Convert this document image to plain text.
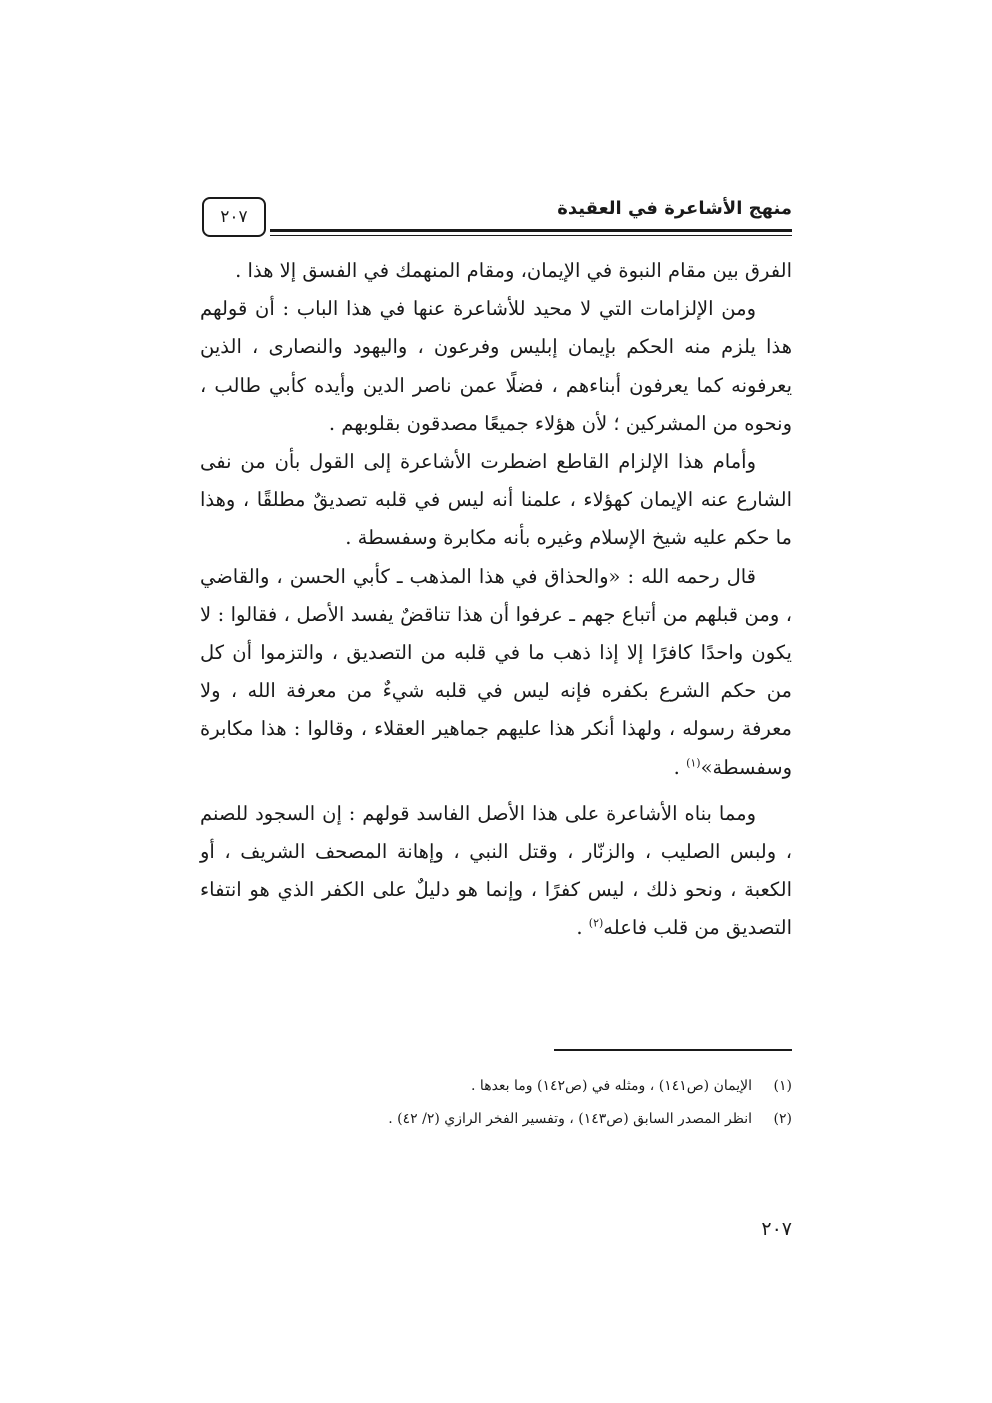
منهج الأشاعرة في العقيدة
٢٠٧

الفرق بين مقام النبوة في الإيمان، ومقام المنهمك في الفسق إلا هذا .

ومن الإلزامات التي لا محيد للأشاعرة عنها في هذا الباب : أن قولهم هذا يلزم منه الحكم بإيمان إبليس وفرعون ، واليهود والنصارى ، الذين يعرفونه كما يعرفون أبناءهم ، فضلًا عمن ناصر الدين وأيده كأبي طالب ، ونحوه من المشركين ؛ لأن هؤلاء جميعًا مصدقون بقلوبهم .

وأمام هذا الإلزام القاطع اضطرت الأشاعرة إلى القول بأن من نفى الشارع عنه الإيمان كهؤلاء ، علمنا أنه ليس في قلبه تصديقٌ مطلقًا ، وهذا ما حكم عليه شيخ الإسلام وغيره بأنه مكابرة وسفسطة .

قال رحمه الله : «والحذاق في هذا المذهب ـ كأبي الحسن ، والقاضي ، ومن قبلهم من أتباع جهم ـ عرفوا أن هذا تناقضٌ يفسد الأصل ، فقالوا : لا يكون واحدًا كافرًا إلا إذا ذهب ما في قلبه من التصديق ، والتزموا أن كل من حكم الشرع بكفره فإنه ليس في قلبه شيءٌ من معرفة الله ، ولا معرفة رسوله ، ولهذا أنكر هذا عليهم جماهير العقلاء ، وقالوا : هذا مكابرة وسفسطة»$^{(١)}$ .

ومما بناه الأشاعرة على هذا الأصل الفاسد قولهم : إن السجود للصنم ، ولبس الصليب ، والزنّار ، وقتل النبي ، وإهانة المصحف الشريف ، أو الكعبة ، ونحو ذلك ، ليس كفرًا ، وإنما هو دليلٌ على الكفر الذي هو انتفاء التصديق من قلب فاعله$^{(٢)}$ .

(١)
الإيمان (ص١٤١) ، ومثله في (ص١٤٢) وما بعدها .
(٢)
انظر المصدر السابق (ص١٤٣) ، وتفسير الفخر الرازي (٢/ ٤٢) .
٢٠٧
